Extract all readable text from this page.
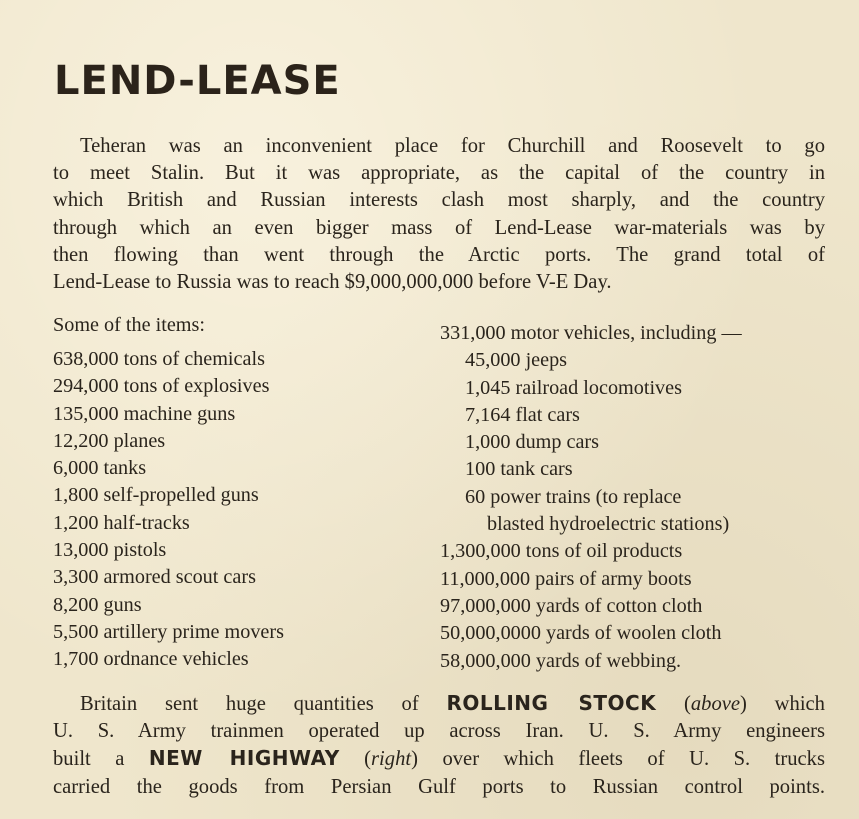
LEND-LEASE

Teheran was an inconvenient place for Churchill and Roosevelt to go
to meet Stalin. But it was appropriate, as the capital of the country in
which British and Russian interests clash most sharply, and the country
through which an even bigger mass of Lend-Lease war-materials was by
then flowing than went through the Arctic ports. The grand total of
Lend-Lease to Russia was to reach $9,000,000,000 before V-E Day.

Some of the items:
638,000 tons of chemicals
294,000 tons of explosives
135,000 machine guns
12,200 planes
6,000 tanks
1,800 self-propelled guns
1,200 half-tracks
13,000 pistols
3,300 armored scout cars
8,200 guns
5,500 artillery prime movers
1,700 ordnance vehicles
331,000 motor vehicles, including —
45,000 jeeps
1,045 railroad locomotives
7,164 flat cars
1,000 dump cars
100 tank cars
60 power trains (to replace
blasted hydroelectric stations)
1,300,000 tons of oil products
11,000,000 pairs of army boots
97,000,000 yards of cotton cloth
50,000,0000 yards of woolen cloth
58,000,000 yards of webbing.

Britain sent huge quantities of ROLLING STOCK (above) which
U. S. Army trainmen operated up across Iran. U. S. Army engineers
built a NEW HIGHWAY (right) over which fleets of U. S. trucks
carried the goods from Persian Gulf ports to Russian control points.
